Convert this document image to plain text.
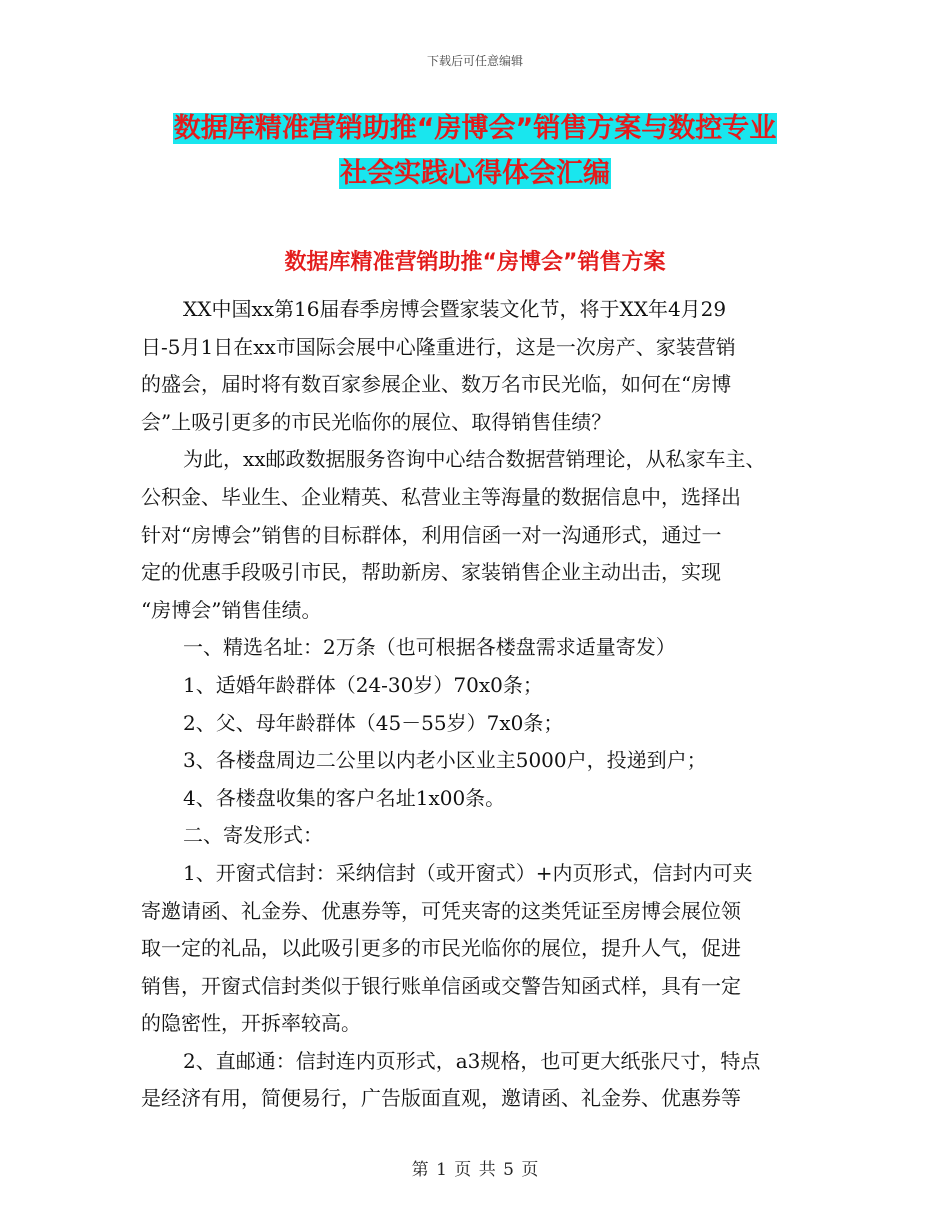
下载后可任意编辑
数据库精准营销助推“房博会”销售方案与数控专业
社会实践心得体会汇编
数据库精准营销助推“房博会”销售方案
XX中国xx第16届春季房博会暨家装文化节，将于XX年4月29
日-5月1日在xx市国际会展中心隆重进行，这是一次房产、家装营销
的盛会，届时将有数百家参展企业、数万名市民光临，如何在“房博
会”上吸引更多的市民光临你的展位、取得销售佳绩？
为此，xx邮政数据服务咨询中心结合数据营销理论，从私家车主、
公积金、毕业生、企业精英、私营业主等海量的数据信息中，选择出
针对“房博会”销售的目标群体，利用信函一对一沟通形式，通过一
定的优惠手段吸引市民，帮助新房、家装销售企业主动出击，实现
“房博会”销售佳绩。
一、精选名址：2万条（也可根据各楼盘需求适量寄发）
1、适婚年龄群体（24-30岁）70x0条；
2、父、母年龄群体（45－55岁）7x0条；
3、各楼盘周边二公里以内老小区业主5000户，投递到户；
4、各楼盘收集的客户名址1x00条。
二、寄发形式：
1、开窗式信封：采纳信封（或开窗式）+内页形式，信封内可夹
寄邀请函、礼金券、优惠券等，可凭夹寄的这类凭证至房博会展位领
取一定的礼品，以此吸引更多的市民光临你的展位，提升人气，促进
销售，开窗式信封类似于银行账单信函或交警告知函式样，具有一定
的隐密性，开拆率较高。
2、直邮通：信封连内页形式，a3规格，也可更大纸张尺寸，特点
是经济有用，简便易行，广告版面直观，邀请函、礼金券、优惠券等
第 1 页 共 5 页
